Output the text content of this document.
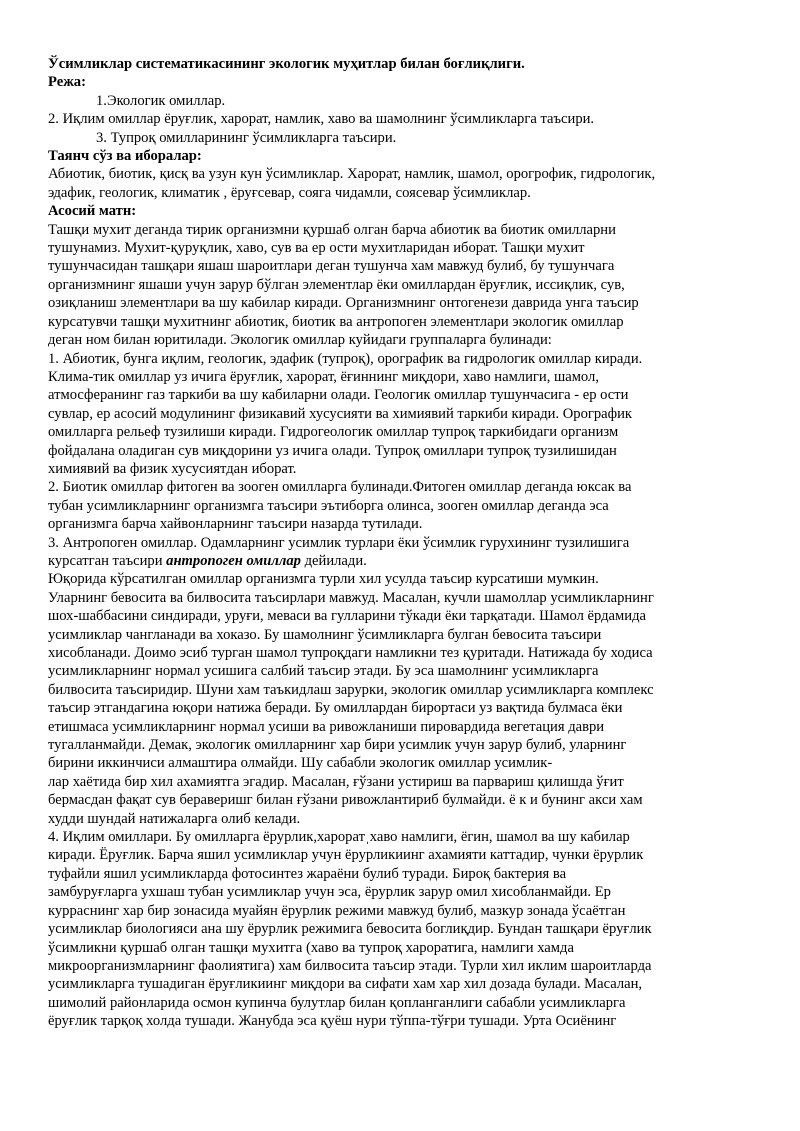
Ўсимликлар систематикасининг экологик муҳитлар билан боғлиқлиги.
Режа:
1.Экологик омиллар.
2. Иқлим омиллар ёруғлик, харорат, намлик, хаво ва шамолнинг ўсимликларга таъсири.
3. Тупроқ омилларининг ўсимликларга таъсири.
Таянч сўз ва иборалар:
Абиотик, биотик, қисқ ва узун кун ўсимликлар. Харорат, намлик, шамол, орогрофик, гидрологик,
эдафик, геологик, климатик , ёруғсевар, сояга чидамли, соясевар ўсимликлар.
Асосий матн:
Ташқи мухит деганда тирик организмни қуршаб олган барча абиотик ва биотик омилларни
тушунамиз. Мухит-қуруқлик, хаво, сув ва ер ости мухитларидан иборат. Ташқи мухит
тушунчасидан ташқари яшаш шароитлари деган тушунча хам мавжуд булиб, бу тушунчага
организмнинг яшаши учун зарур бўлган элементлар ёки омиллардан ёруғлик, иссиқлик, сув,
озиқланиш элементлари ва шу кабилар киради. Организмнинг онтогенези даврида унга таъсир
курсатувчи ташқи мухитнинг абиотик, биотик ва антропоген элементлари экологик омиллар
деган ном билан юритилади. Экологик омиллар куйидаги группаларга булинади:
1. Абиотик, бунга иқлим, геологик, эдафик (тупроқ), орографик ва гидрологик омиллар киради.
Клима-тик омиллар уз ичига ёруғлик, харорат, ёғиннинг миқдори, хаво намлиги, шамол,
атмосферанинг газ таркиби ва шу кабиларни олади. Геологик омиллар тушунчасига - ер ости
сувлар, ер асосий модулининг физикавий хусусияти ва химиявий таркиби киради. Орографик
омилларга рельеф тузилиши киради. Гидрогеологик омиллар тупроқ таркибидаги организм
фойдалана оладиган сув миқдорини уз ичига олади. Тупроқ омиллари тупроқ тузилишидан
химиявий ва физик хусусиятдан иборат.
2. Биотик омиллар фитоген ва зооген омилларга булинади.Фитоген омиллар деганда юксак ва
тубан усимликларнинг организмга таъсири эътиборга олинса, зооген омиллар деганда эса
организмга барча хайвонларнинг таъсири назарда тутилади.
3. Антропоген омиллар. Одамларнинг усимлик турлари ёки ўсимлик гурухининг тузилишига
курсатган таъсири антропоген омиллар дейилади.
Юқорида кўрсатилган омиллар организмга турли хил усулда таъсир курсатиши мумкин.
Уларнинг бевосита ва билвосита таъсирлари мавжуд. Масалан, кучли шамоллар усимликларнинг
шох-шаббасини синдиради, уруғи, меваси ва гулларини тўкади ёки тарқатади. Шамол ёрдамида
усимликлар чангланади ва хоказо. Бу шамолнинг ўсимликларга булган бевосита таъсири
хисобланади. Доимо эсиб турган шамол тупроқдаги намликни тез қуритади. Натижада бу ходиса
усимликларнинг нормал усишига салбий таъсир этади. Бу эса шамолнинг усимликларга
билвосита таъсиридир. Шуни хам таъкидлаш зарурки, экологик омиллар усимликларга комплекс
таъсир этгандагина юқори натижа беради. Бу омиллардан бирортаси уз вақтида булмаса ёки
етишмаса усимликларнинг нормал усиши ва ривожланиши пировардида вегетация даври
тугалланмайди. Демак, экологик омилларнинг хар бири усимлик учун зарур булиб, уларнинг
бирини иккинчиси алмаштира олмайди. Шу сабабли экологик омиллар усимлик-
лар хаётида бир хил ахамиятга эгадир. Масалан, ғўзани устириш ва парвариш қилишда ўғит
бермасдан фақат сув бераверишг билан ғўзани ривожлантириб булмайди. ё к и бунинг акси хам
худди шундай натижаларга олиб келади.
4. Иқлим омиллари. Бу омилларга ёрурлик,хароратˌхаво намлиги, ёгин, шамол ва шу кабилар
киради. Ёруғлик. Барча яшил усимликлар учун ёрурликиинг ахамияти каттадир, чунки ёрурлик
туфайли яшил усимликларда фотосинтез жараёни булиб туради. Бироқ бактерия ва
замбуруғларга ухшаш тубан усимликлар учун эса, ёрурлик зарур омил хисобланмайди. Ер
курраснинг хар бир зонасида муайян ёрурлик режими мавжуд булиб, мазкур зонада ўсаётган
усимликлар биологияси ана шу ёрурлик режимига бевосита боглиқдир. Бундан ташқари ёруғлик
ўсимликни қуршаб олган ташқи мухитга (хаво ва тупроқ хароратига, намлиги хамда
микроорганизмларнинг фаолиятига) хам билвосита таъсир этади. Турли хил иклим шароитларда
усимликларга тушадиган ёруғликиинг миқдори ва сифати хам хар хил дозада булади. Масалан,
шимолий районларида осмон купинча булутлар билан қопланганлиги сабабли усимликларга
ёруғлик тарқоқ холда тушади. Жанубда эса қуёш нури тўппа-тўғри тушади. Урта Осиёнинг
